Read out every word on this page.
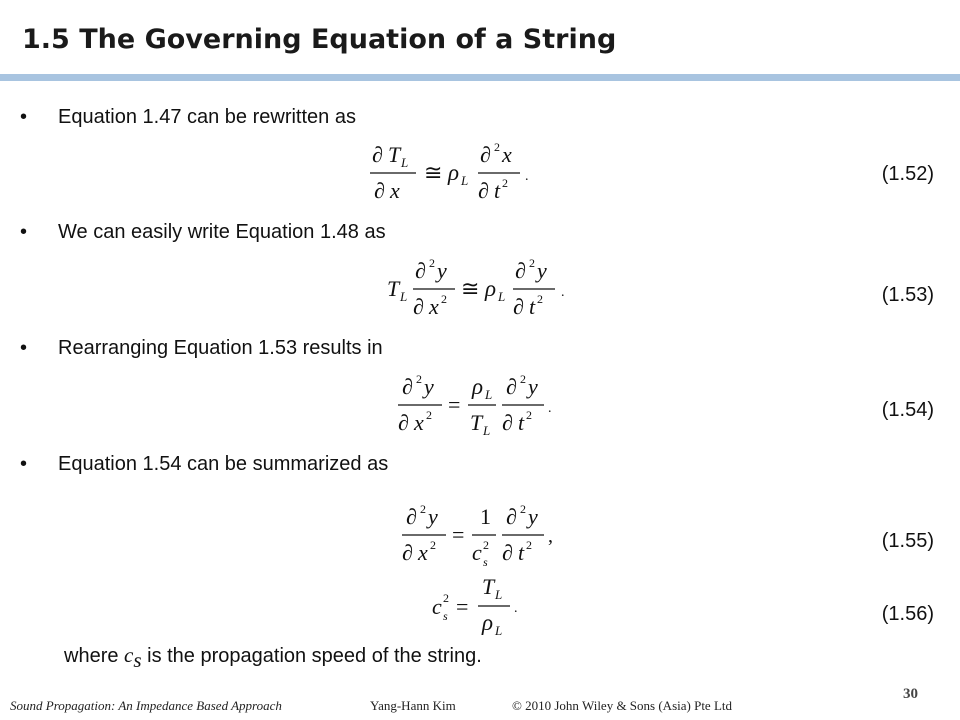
1.5 The Governing Equation of a String
• Equation 1.47 can be rewritten as
(1.52)
∂ T L
∂ x
≅ ρ L
∂ 2 x
∂ t 2 .
• We can easily write Equation 1.48 as
(1.53)
T L
∂ 2 y
∂ x 2 ≅ ρ L
∂ 2 y
∂ t 2 .
• Rearranging Equation 1.53 results in
(1.54)
∂ 2 y
∂ x 2 =
ρ L
T L
∂ 2 y
∂ t 2 .
• Equation 1.54 can be summarized as
(1.55)
∂ 2 y
∂ x 2 =
1
c 2
s
∂ 2 y
∂ t 2 ,
(1.56)
c 2
s =
T L
ρ L
.
where $c_s$ is the propagation speed of the string.
Sound Propagation: An Impedance Based Approach	Yang-Hann Kim	© 2010 John Wiley & Sons (Asia) Pte Ltd
30
